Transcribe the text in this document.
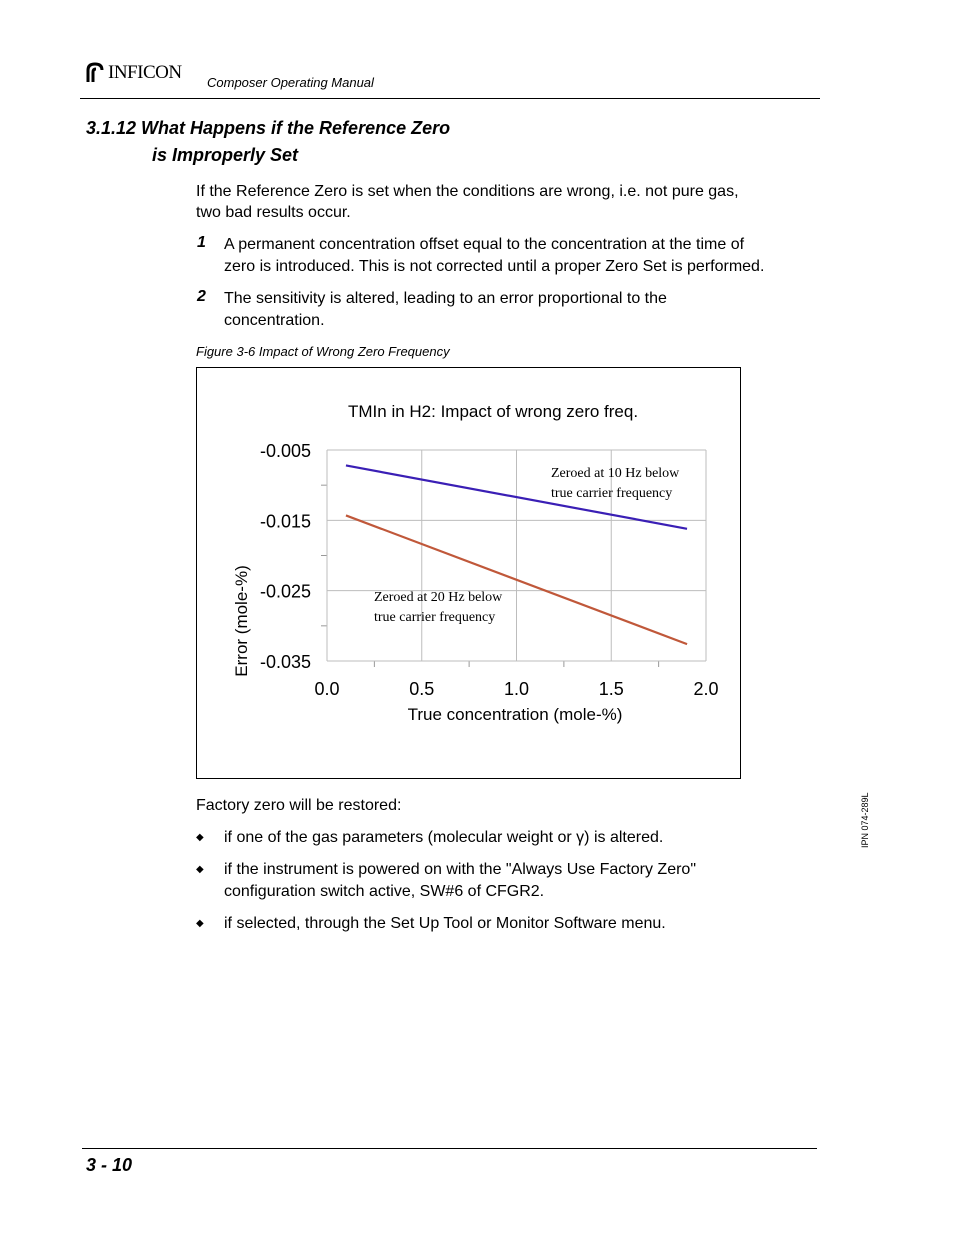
INFICON Composer Operating Manual
3.1.12 What Happens if the Reference Zero
is Improperly Set
If the Reference Zero is set when the conditions are wrong, i.e. not pure gas,
two bad results occur.
1 A permanent concentration offset equal to the concentration at the time of
zero is introduced. This is not corrected until a proper Zero Set is performed.
2 The sensitivity is altered, leading to an error proportional to the
concentration.
Figure 3-6 Impact of Wrong Zero Frequency
TMIn in H2: Impact of wrong zero freq.
0.0	0.5	1.0	1.5	2.0
-0.005
-0.015
-0.025
-0.035
Error (mole-%)
True concentration (mole-%)
Zeroed at 10 Hz below
true carrier frequency
Zeroed at 20 Hz below
true carrier frequency
Factory zero will be restored:
◆ if one of the gas parameters (molecular weight or γ) is altered.
◆ if the instrument is powered on with the "Always Use Factory Zero"
configuration switch active, SW#6 of CFGR2.
◆ if selected, through the Set Up Tool or Monitor Software menu.
IPN 074-289L
3 - 10
